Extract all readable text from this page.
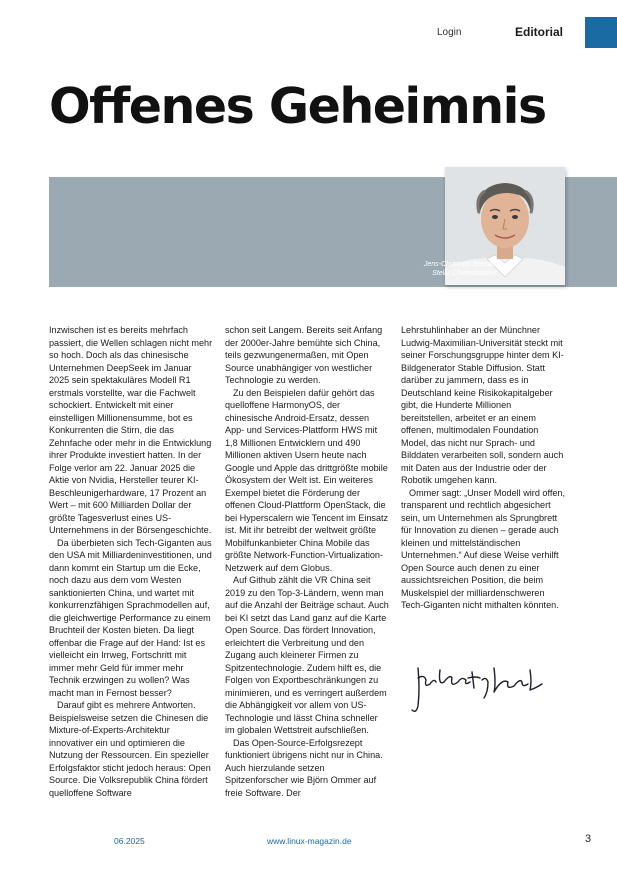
Login	Editorial
Offenes Geheimnis
Jens-Christoph Brendel
Stellv. Chefredakteur

Inzwischen ist es bereits mehrfach passiert, die Wellen schlagen nicht mehr so hoch. Doch als das chinesische Unternehmen DeepSeek im Januar 2025 sein spektakuläres Modell R1 erstmals vorstellte, war die Fachwelt schockiert. Entwickelt mit einer einstelligen Millionensumme, bot es Konkurrenten die Stirn, die das Zehnfache oder mehr in die Entwicklung ihrer Produkte investiert hatten. In der Folge verlor am 22. Januar 2025 die Aktie von Nvidia, Hersteller teurer KI-Beschleunigerhardware, 17 Prozent an Wert – mit 600 Milliarden Dollar der größte Tagesverlust eines US-Unternehmens in der Börsengeschichte.

Da überbieten sich Tech-Giganten aus den USA mit Milliardeninvestitionen, und dann kommt ein Startup um die Ecke, noch dazu aus dem vom Westen sanktionierten China, und wartet mit konkurrenzfähigen Sprachmodellen auf, die gleichwertige Performance zu einem Bruchteil der Kosten bieten. Da liegt offenbar die Frage auf der Hand: Ist es vielleicht ein Irrweg, Fortschritt mit immer mehr Geld für immer mehr Technik erzwingen zu wollen? Was macht man in Fernost besser?

Darauf gibt es mehrere Antworten. Beispielsweise setzen die Chinesen die Mixture-of-Experts-Architektur innovativer ein und optimieren die Nutzung der Ressourcen. Ein spezieller Erfolgsfaktor sticht jedoch heraus: Open Source. Die Volksrepublik China fördert quelloffene Software

schon seit Langem. Bereits seit Anfang der 2000er-Jahre bemühte sich China, teils gezwungenermaßen, mit Open Source unabhängiger von westlicher Technologie zu werden.

Zu den Beispielen dafür gehört das quelloffene HarmonyOS, der chinesische Android-Ersatz, dessen App- und Services-Plattform HWS mit 1,8 Millionen Entwicklern und 490 Millionen aktiven Usern heute nach Google und Apple das drittgrößte mobile Ökosystem der Welt ist. Ein weiteres Exempel bietet die Förderung der offenen Cloud-Plattform OpenStack, die bei Hyperscalern wie Tencent im Einsatz ist. Mit ihr betreibt der weltweit größte Mobilfunkanbieter China Mobile das größte Network-Function-Virtualization-Netzwerk auf dem Globus.

Auf Github zählt die VR China seit 2019 zu den Top-3-Ländern, wenn man auf die Anzahl der Beiträge schaut. Auch bei KI setzt das Land ganz auf die Karte Open Source. Das fördert Innovation, erleichtert die Verbreitung und den Zugang auch kleinerer Firmen zu Spitzentechnologie. Zudem hilft es, die Folgen von Exportbeschränkungen zu minimieren, und es verringert außerdem die Abhängigkeit vor allem von US-Technologie und lässt China schneller im globalen Wettstreit aufschließen.

Das Open-Source-Erfolgsrezept funktioniert übrigens nicht nur in China. Auch hierzulande setzen Spitzenforscher wie Björn Ommer auf freie Software. Der

Lehrstuhlinhaber an der Münchner Ludwig-Maximilian-Universität steckt mit seiner Forschungsgruppe hinter dem KI-Bildgenerator Stable Diffusion. Statt darüber zu jammern, dass es in Deutschland keine Risikokapitalgeber gibt, die Hunderte Millionen bereitstellen, arbeitet er an einem offenen, multimodalen Foundation Model, das nicht nur Sprach- und Bilddaten verarbeiten soll, sondern auch mit Daten aus der Industrie oder der Robotik umgehen kann.

Ommer sagt: „Unser Modell wird offen, transparent und rechtlich abgesichert sein, um Unternehmen als Sprungbrett für Innovation zu dienen – gerade auch kleinen und mittelständischen Unternehmen.“ Auf diese Weise verhilft Open Source auch denen zu einer aussichtsreichen Position, die beim Muskelspiel der milliardenschweren Tech-Giganten nicht mithalten könnten.

06.2025	www.linux-magazin.de	3
